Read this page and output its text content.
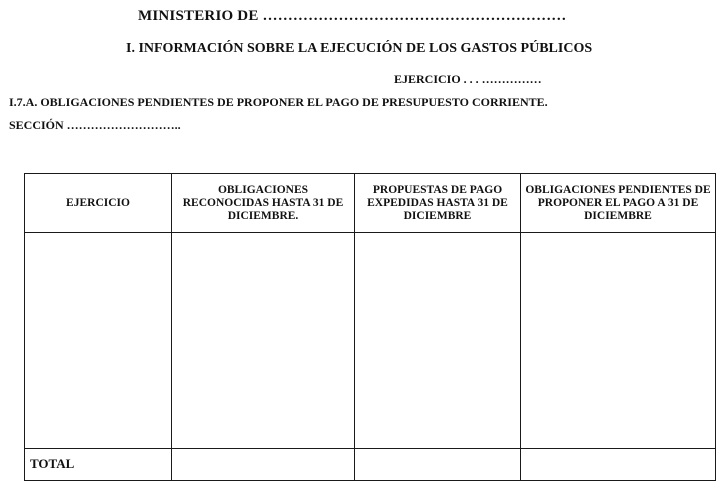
MINISTERIO DE ……………………………………………………
I. INFORMACIÓN SOBRE LA EJECUCIÓN DE LOS GASTOS PÚBLICOS
EJERCICIO . . . ……………
I.7.A. OBLIGACIONES PENDIENTES DE PROPONER EL PAGO DE PRESUPUESTO CORRIENTE.
SECCIÓN ………………………..
EJERCICIO	OBLIGACIONES RECONOCIDAS HASTA 31 DE DICIEMBRE.	PROPUESTAS DE PAGO EXPEDIDAS HASTA 31 DE DICIEMBRE	OBLIGACIONES PENDIENTES DE PROPONER EL PAGO A 31 DE DICIEMBRE

TOTAL			
